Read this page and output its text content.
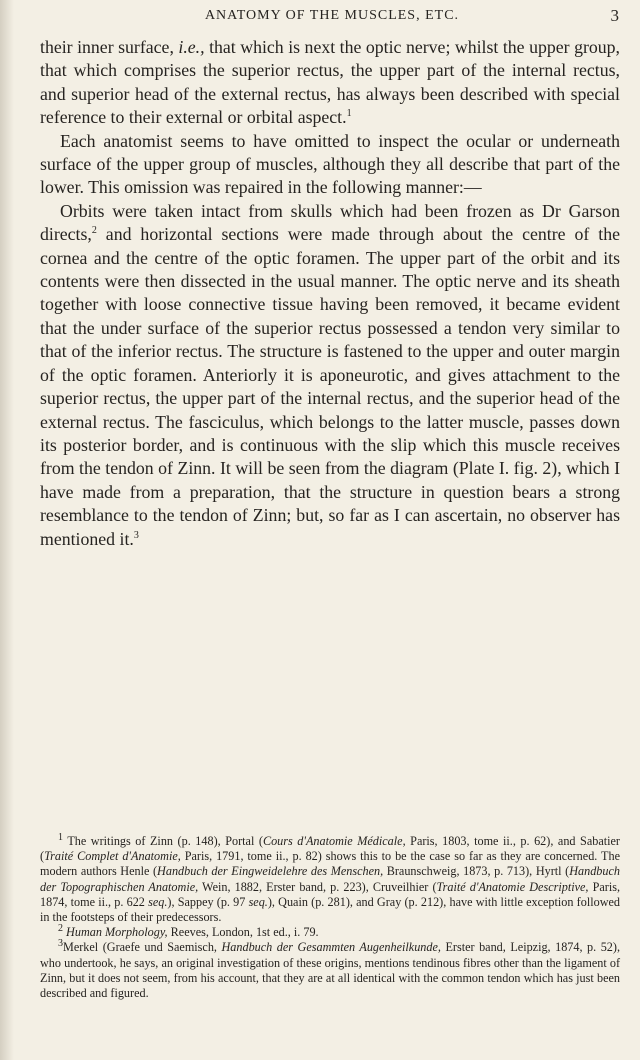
ANATOMY OF THE MUSCLES, ETC.	3

their inner surface, i.e., that which is next the optic nerve; whilst the upper group, that which comprises the superior rectus, the upper part of the internal rectus, and superior head of the external rectus, has always been described with special reference to their external or orbital aspect.$^1$

Each anatomist seems to have omitted to inspect the ocular or underneath surface of the upper group of muscles, although they all describe that part of the lower. This omission was repaired in the following manner:—

Orbits were taken intact from skulls which had been frozen as Dr Garson directs,$^2$ and horizontal sections were made through about the centre of the cornea and the centre of the optic foramen. The upper part of the orbit and its contents were then dissected in the usual manner. The optic nerve and its sheath together with loose connective tissue having been removed, it became evident that the under surface of the superior rectus possessed a tendon very similar to that of the inferior rectus. The structure is fastened to the upper and outer margin of the optic foramen. Anteriorly it is aponeurotic, and gives attachment to the superior rectus, the upper part of the internal rectus, and the superior head of the external rectus. The fasciculus, which belongs to the latter muscle, passes down its posterior border, and is continuous with the slip which this muscle receives from the tendon of Zinn. It will be seen from the diagram (Plate I. fig. 2), which I have made from a preparation, that the structure in question bears a strong resemblance to the tendon of Zinn; but, so far as I can ascertain, no observer has mentioned it.$^3$

$^1$ The writings of Zinn (p. 148), Portal (Cours d'Anatomie Médicale, Paris, 1803, tome ii., p. 62), and Sabatier (Traité Complet d'Anatomie, Paris, 1791, tome ii., p. 82) shows this to be the case so far as they are concerned. The modern authors Henle (Handbuch der Eingweidelehre des Menschen, Braunschweig, 1873, p. 713), Hyrtl (Handbuch der Topographischen Anatomie, Wein, 1882, Erster band, p. 223), Cruveilhier (Traité d'Anatomie Descriptive, Paris, 1874, tome ii., p. 622 seq.), Sappey (p. 97 seq.), Quain (p. 281), and Gray (p. 212), have with little exception followed in the footsteps of their predecessors.

$^2$ Human Morphology, Reeves, London, 1st ed., i. 79.

$^3$Merkel (Graefe und Saemisch, Handbuch der Gesammten Augenheilkunde, Erster band, Leipzig, 1874, p. 52), who undertook, he says, an original investigation of these origins, mentions tendinous fibres other than the ligament of Zinn, but it does not seem, from his account, that they are at all identical with the common tendon which has just been described and figured.
